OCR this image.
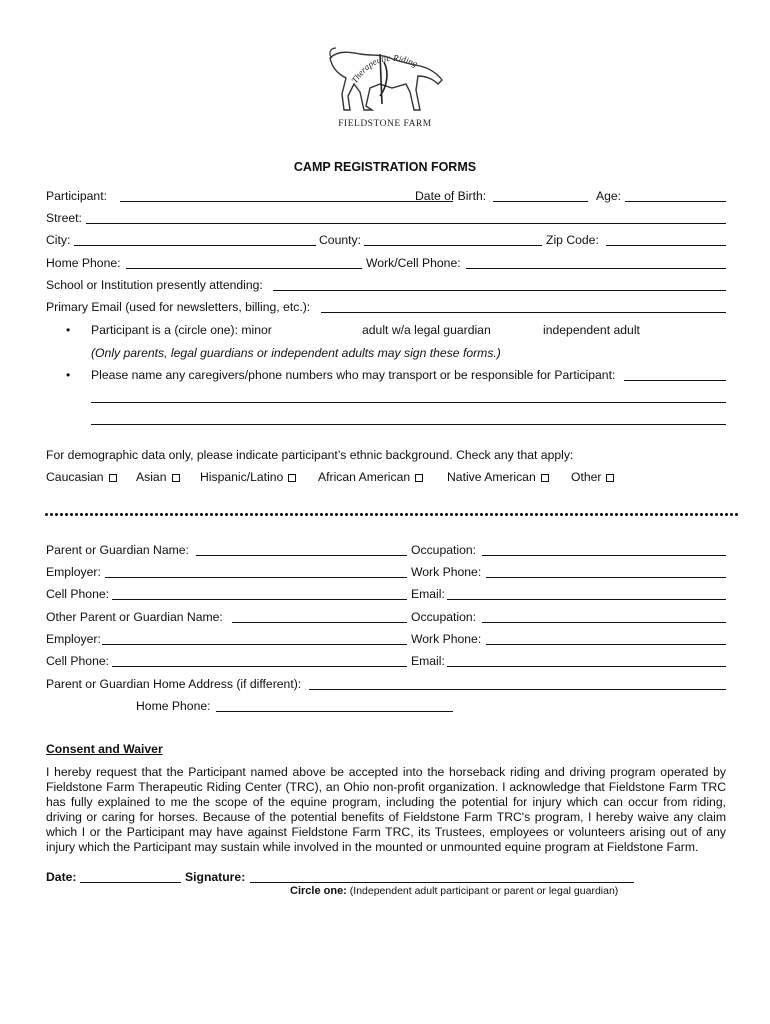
Therapeutic Riding
FIELDSTONE FARM
CAMP REGISTRATION FORMS
Participant:	Date of Birth:	Age:
Street:
City:	County:	Zip Code:
Home Phone:	Work/Cell Phone:
School or Institution presently attending:
Primary Email (used for newsletters, billing, etc.):
• Participant is a (circle one): minor	adult w/a legal guardian	independent adult
(Only parents, legal guardians or independent adults may sign these forms.)
• Please name any caregivers/phone numbers who may transport or be responsible for Participant:
For demographic data only, please indicate participant’s ethnic background. Check any that apply:
Caucasian	Asian	Hispanic/Latino	African American	Native American	Other
Parent or Guardian Name:	Occupation:
Employer:	Work Phone:
Cell Phone:	Email:
Other Parent or Guardian Name:	Occupation:
Employer:	Work Phone:
Cell Phone:	Email:
Parent or Guardian Home Address (if different):
Home Phone:
Consent and Waiver
I hereby request that the Participant named above be accepted into the horseback riding and driving program operated by Fieldstone Farm Therapeutic Riding Center (TRC), an Ohio non-profit organization. I acknowledge that Fieldstone Farm TRC has fully explained to me the scope of the equine program, including the potential for injury which can occur from riding, driving or caring for horses. Because of the potential benefits of Fieldstone Farm TRC's program, I hereby waive any claim which I or the Participant may have against Fieldstone Farm TRC, its Trustees, employees or volunteers arising out of any injury which the Participant may sustain while involved in the mounted or unmounted equine program at Fieldstone Farm.
Date:	Signature:
Circle one: (Independent adult participant or parent or legal guardian)
